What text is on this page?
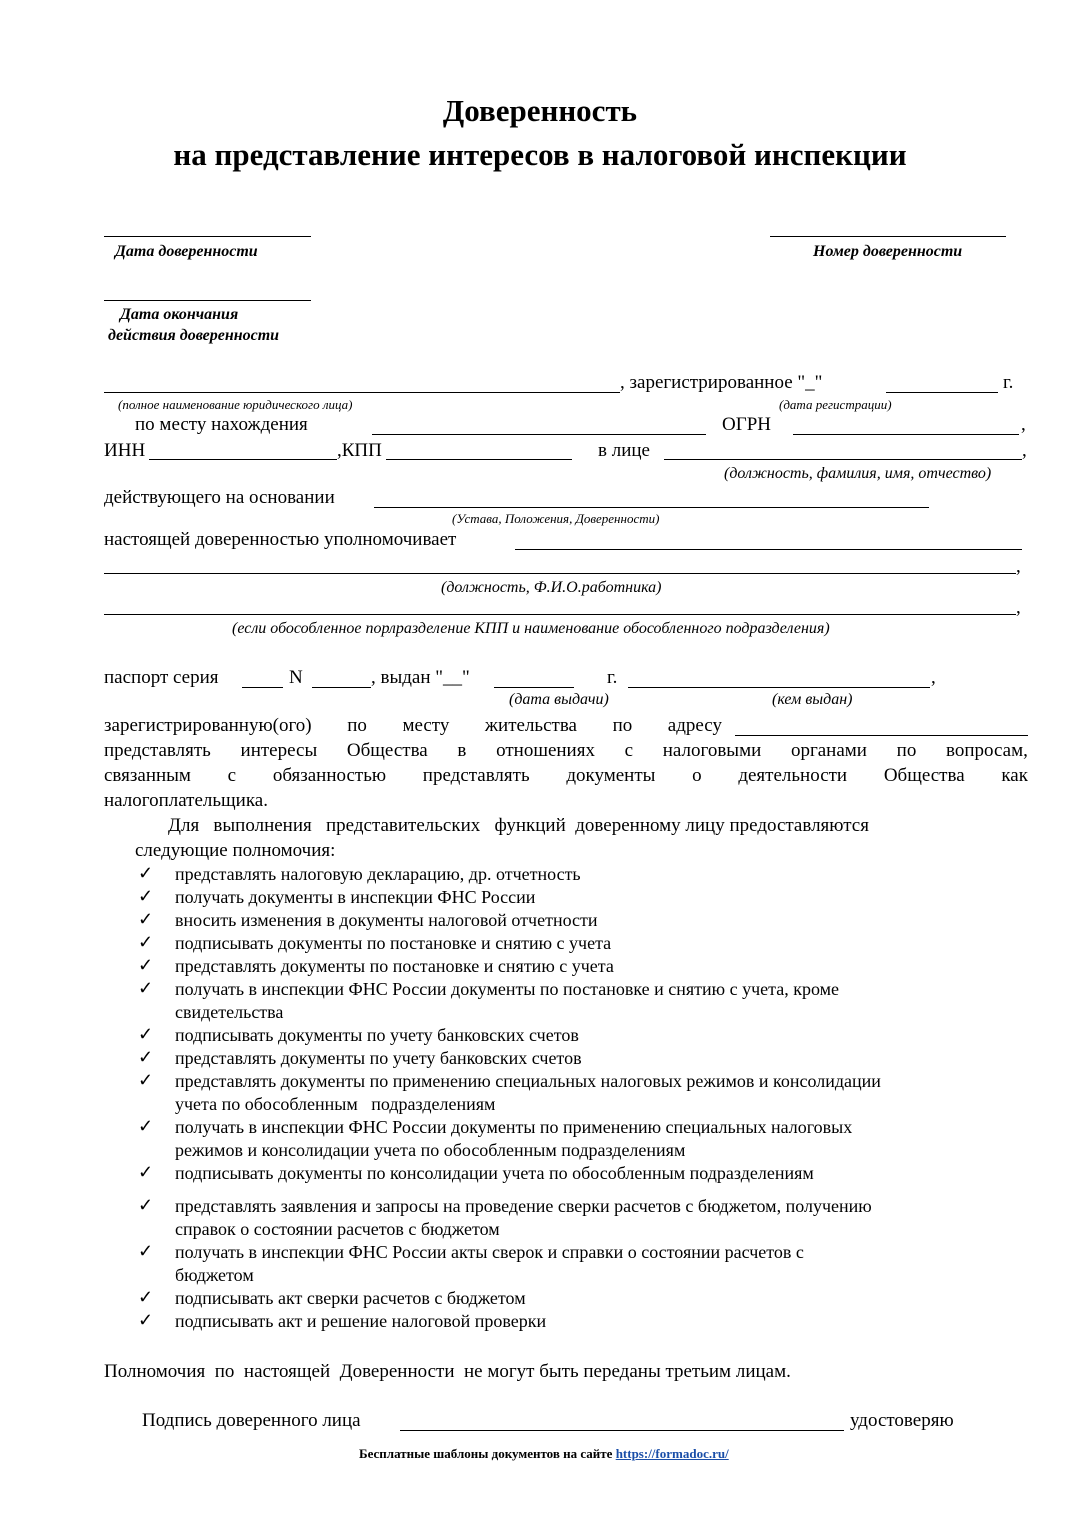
Доверенность
на представление интересов в налоговой инспекции
Дата доверенности	Номер доверенности
Дата окончания
действия доверенности
, зарегистрированное "_"	г.
(полное наименование юридического лица)	(дата регистрации)
по месту нахождения	ОГРН	,
ИНН	,КПП	в лице	,
(должность, фамилия, имя, отчество)
действующего на основании
(Устава, Положения, Доверенности)
настоящей доверенностью уполномочивает
,
(должность, Ф.И.О.работника)
,
(если обособленное порлразделение КПП и наименование обособленного подразделения)
паспорт серия	N	, выдан "__"	г.	,
(дата выдачи)	(кем выдан)
зарегистрированную(ого) по месту жительства по адресу
представлять интересы Общества в отношениях с налоговыми органами по вопросам,
связанным с обязанностью представлять документы о деятельности Общества как
налогоплательщика.
Для   выполнения   представительских   функций  доверенному лицу предоставляются
следующие полномочия:
✓ представлять налоговую декларацию, др. отчетность
✓ получать документы в инспекции ФНС России
✓ вносить изменения в документы налоговой отчетности
✓ подписывать документы по постановке и снятию с учета
✓ представлять документы по постановке и снятию с учета
✓ получать в инспекции ФНС России документы по постановке и снятию с учета, кроме
свидетельства
✓ подписывать документы по учету банковских счетов
✓ представлять документы по учету банковских счетов
✓ представлять документы по применению специальных налоговых режимов и консолидации
учета по обособленным   подразделениям
✓ получать в инспекции ФНС России документы по применению специальных налоговых
режимов и консолидации учета по обособленным подразделениям
✓ подписывать документы по консолидации учета по обособленным подразделениям
✓ представлять заявления и запросы на проведение сверки расчетов с бюджетом, получению
справок о состоянии расчетов с бюджетом
✓ получать в инспекции ФНС России акты сверок и справки о состоянии расчетов с
бюджетом
✓ подписывать акт сверки расчетов с бюджетом
✓ подписывать акт и решение налоговой проверки
Полномочия  по  настоящей  Доверенности  не могут быть переданы третьим лицам.
Подпись доверенного лица	удостоверяю
Бесплатные шаблоны документов на сайте https://formadoc.ru/
